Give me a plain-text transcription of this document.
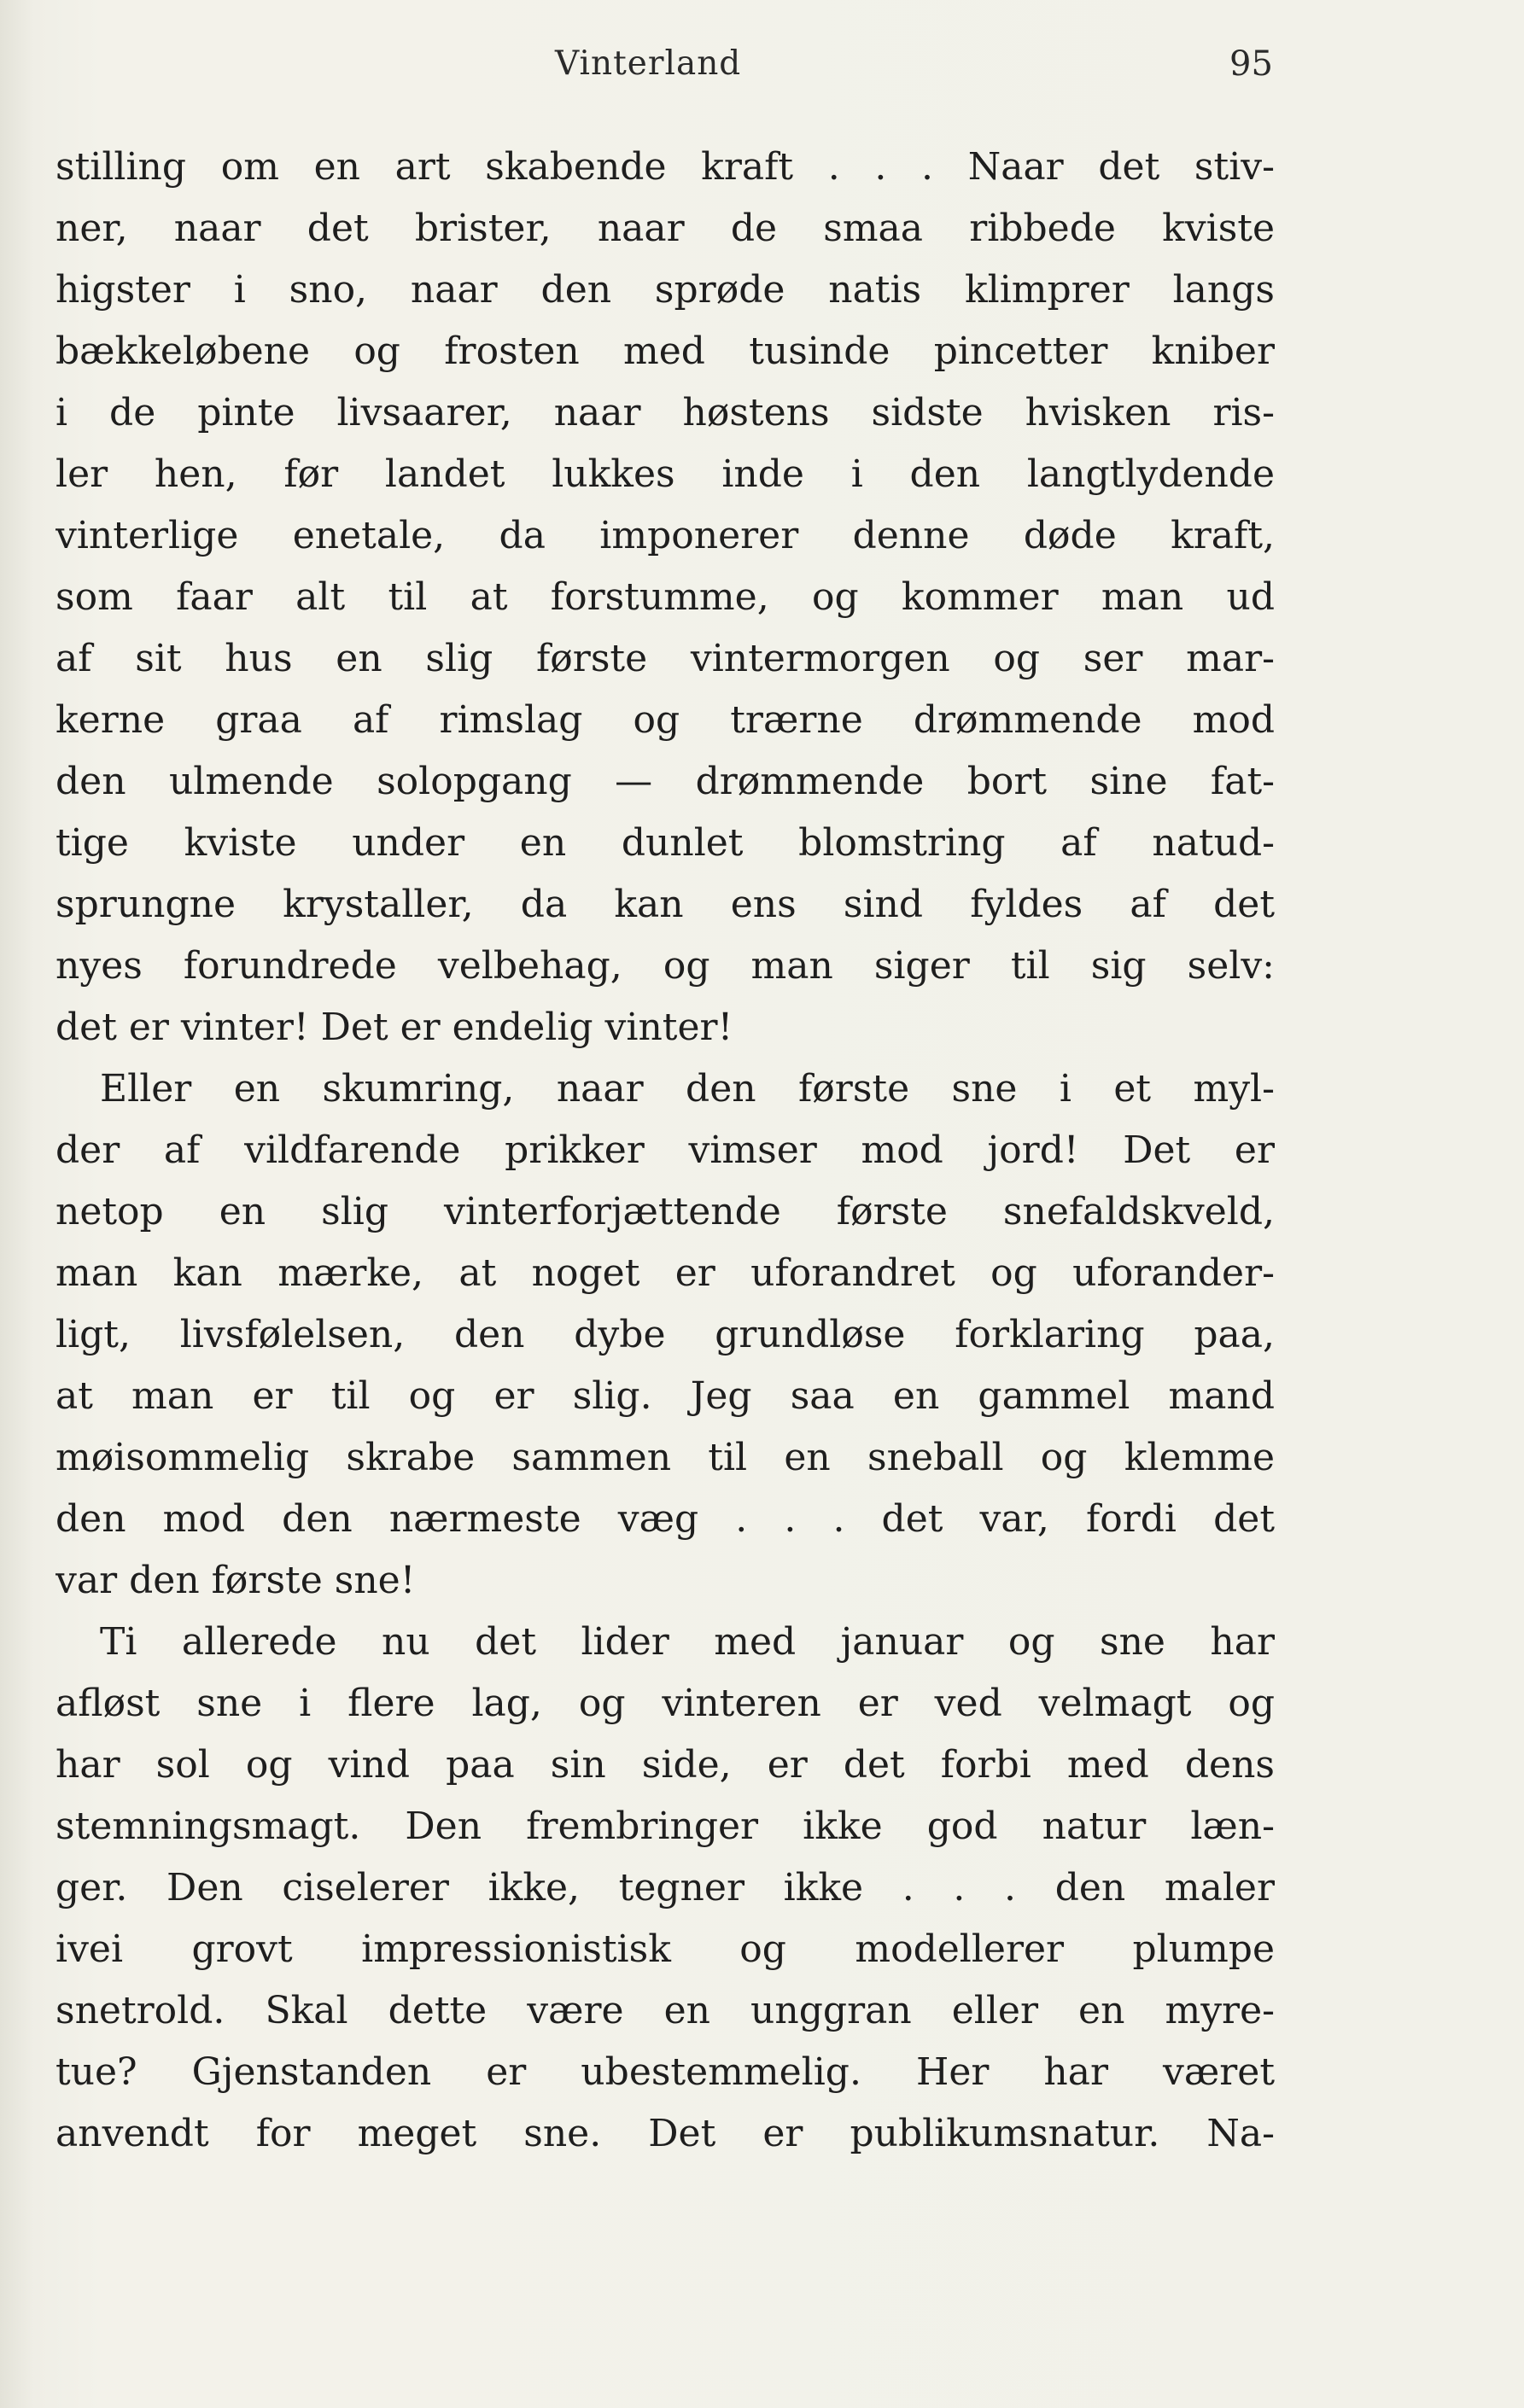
Vinterland	95
stilling om en art skabende kraft . . . Naar det stiv-
ner, naar det brister, naar de smaa ribbede kviste
higster i sno, naar den sprøde natis klimprer langs
bækkeløbene og frosten med tusinde pincetter kniber
i de pinte livsaarer, naar høstens sidste hvisken ris-
ler hen, før landet lukkes inde i den langtlydende
vinterlige enetale, da imponerer denne døde kraft,
som faar alt til at forstumme, og kommer man ud
af sit hus en slig første vintermorgen og ser mar-
kerne graa af rimslag og trærne drømmende mod
den ulmende solopgang — drømmende bort sine fat-
tige kviste under en dunlet blomstring af natud-
sprungne krystaller, da kan ens sind fyldes af det
nyes forundrede velbehag, og man siger til sig selv:
det er vinter! Det er endelig vinter!
Eller en skumring, naar den første sne i et myl-
der af vildfarende prikker vimser mod jord! Det er
netop en slig vinterforjættende første snefaldskveld,
man kan mærke, at noget er uforandret og uforander-
ligt, livsfølelsen, den dybe grundløse forklaring paa,
at man er til og er slig. Jeg saa en gammel mand
møisommelig skrabe sammen til en sneball og klemme
den mod den nærmeste væg . . . det var, fordi det
var den første sne!
Ti allerede nu det lider med januar og sne har
afløst sne i flere lag, og vinteren er ved velmagt og
har sol og vind paa sin side, er det forbi med dens
stemningsmagt. Den frembringer ikke god natur læn-
ger. Den ciselerer ikke, tegner ikke . . . den maler
ivei grovt impressionistisk og modellerer plumpe
snetrold. Skal dette være en unggran eller en myre-
tue? Gjenstanden er ubestemmelig. Her har været
anvendt for meget sne. Det er publikumsnatur. Na-
